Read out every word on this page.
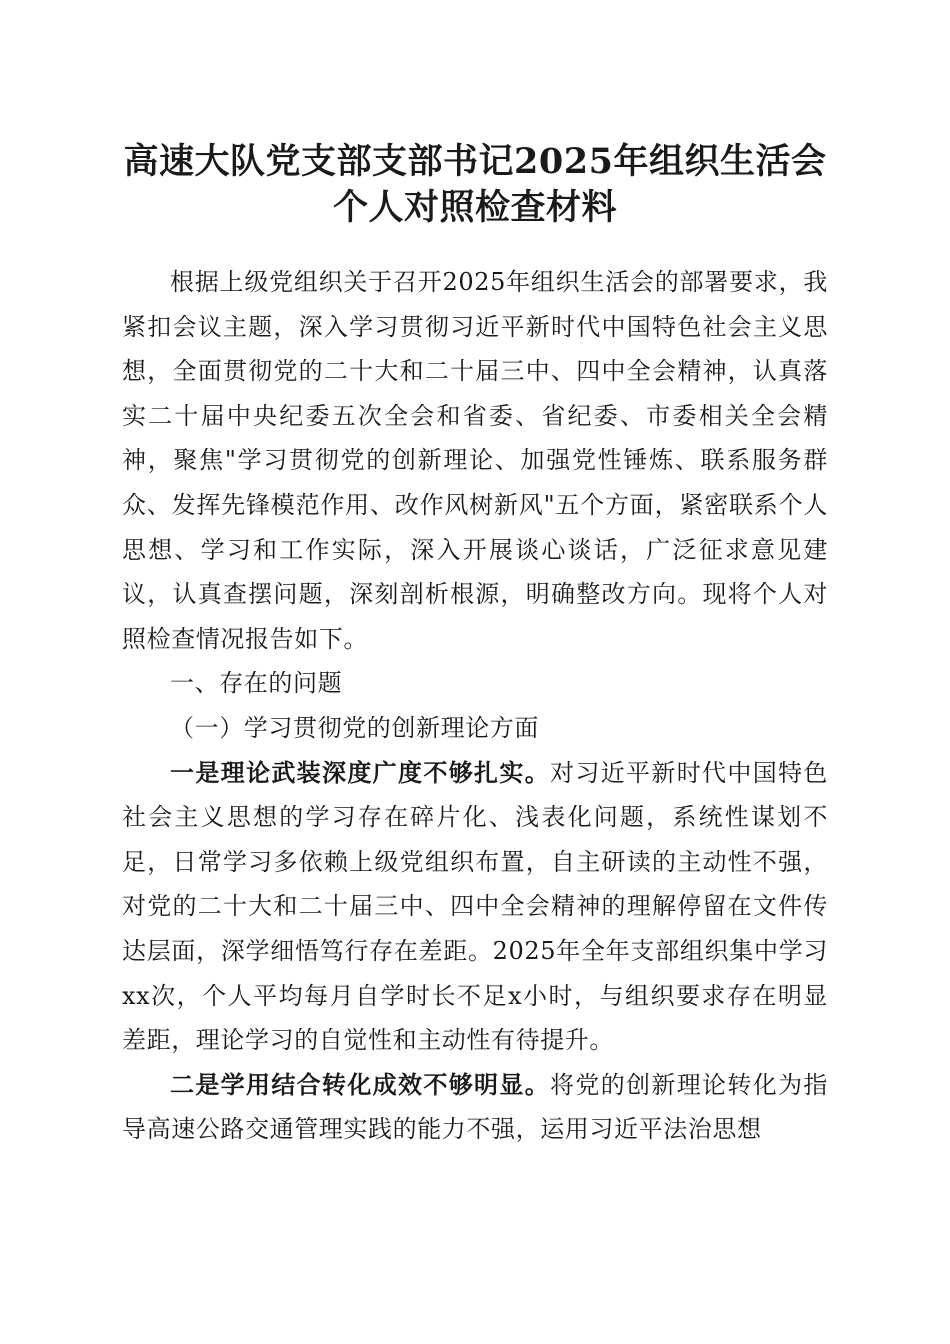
高速大队党支部支部书记2025年组织生活会
个人对照检查材料

根据上级党组织关于召开2025年组织生活会的部署要求，我紧扣会议主题，深入学习贯彻习近平新时代中国特色社会主义思想，全面贯彻党的二十大和二十届三中、四中全会精神，认真落实二十届中央纪委五次全会和省委、省纪委、市委相关全会精神，聚焦"学习贯彻党的创新理论、加强党性锤炼、联系服务群众、发挥先锋模范作用、改作风树新风"五个方面，紧密联系个人思想、学习和工作实际，深入开展谈心谈话，广泛征求意见建议，认真查摆问题，深刻剖析根源，明确整改方向。现将个人对照检查情况报告如下。

一、存在的问题

（一）学习贯彻党的创新理论方面

一是理论武装深度广度不够扎实。对习近平新时代中国特色社会主义思想的学习存在碎片化、浅表化问题，系统性谋划不足，日常学习多依赖上级党组织布置，自主研读的主动性不强，对党的二十大和二十届三中、四中全会精神的理解停留在文件传达层面，深学细悟笃行存在差距。2025年全年支部组织集中学习xx次，个人平均每月自学时长不足x小时，与组织要求存在明显差距，理论学习的自觉性和主动性有待提升。

二是学用结合转化成效不够明显。将党的创新理论转化为指导高速公路交通管理实践的能力不强，运用习近平法治思想
